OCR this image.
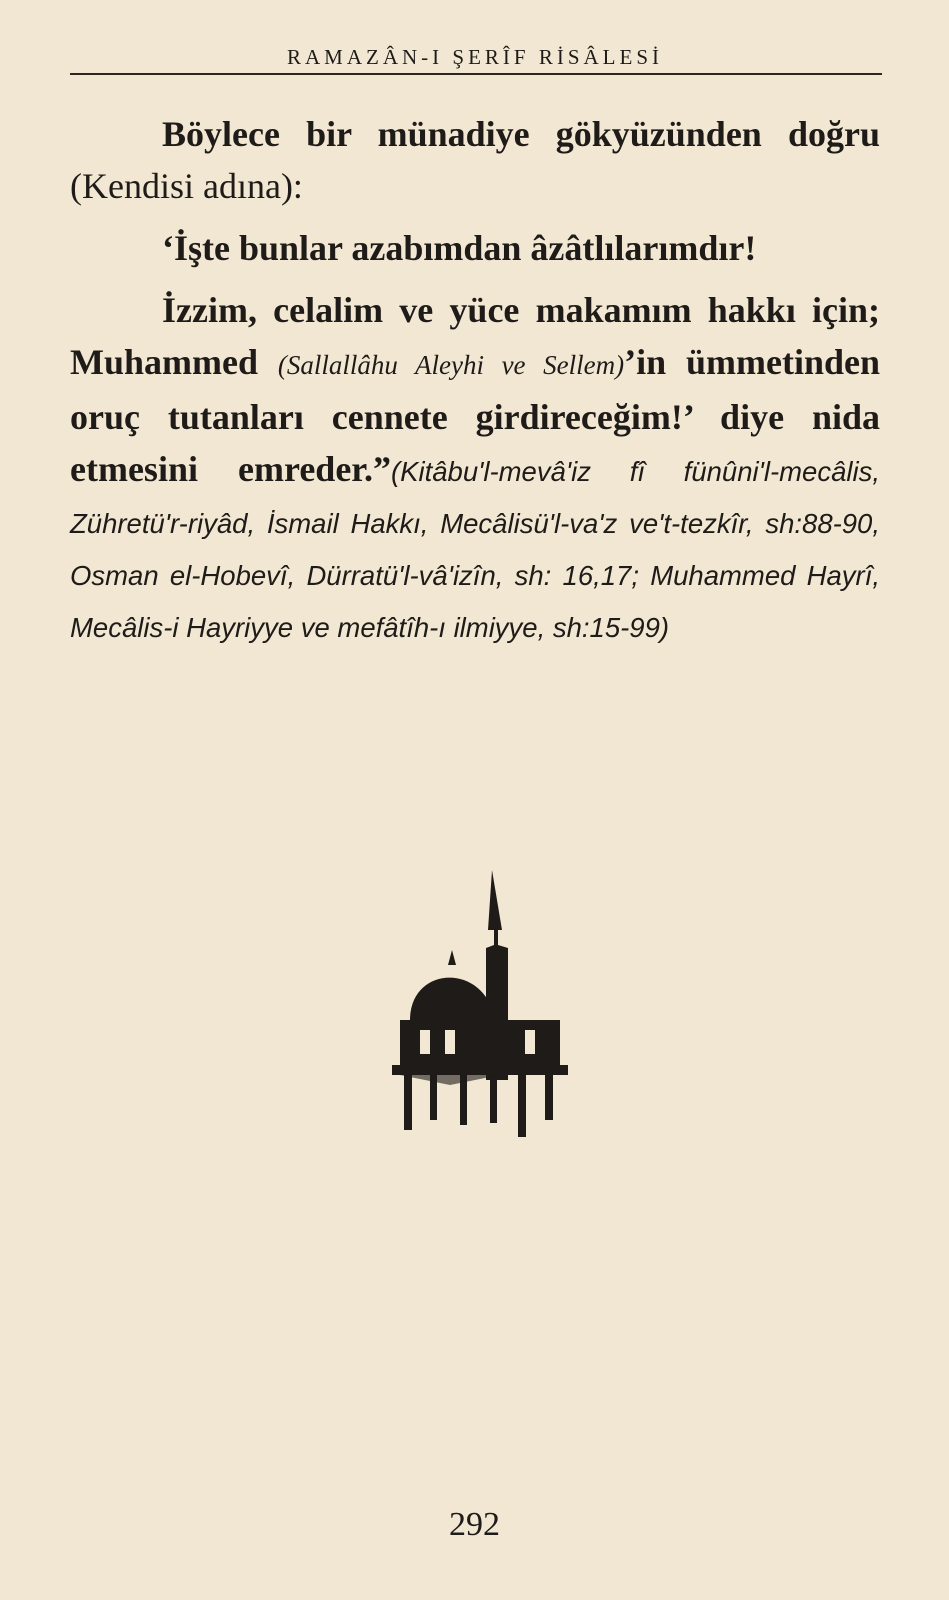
RAMAZÂN-I ŞERÎF RİSÂLESİ

Böylece bir münadiye gökyüzünden doğru (Kendisi adına):

‘İşte bunlar azabımdan âzâtlılarımdır!

İzzim, celalim ve yüce makamım hakkı için; Muhammed (Sallallâhu Aleyhi ve Sellem)’in ümmetinden oruç tutanları cennete girdireceğim!’ diye nida etmesini emreder.”(Kitâbu'l-mevâ'iz fî fünûni'l-mecâlis, Zühretü'r-riyâd, İsmail Hakkı, Mecâlisü'l-va'z ve't-tezkîr, sh:88-90, Osman el-Hobevî, Dürratü'l-vâ'izîn, sh: 16,17; Muhammed Hayrî, Mecâlis-i Hayriyye ve mefâtîh-ı ilmiyye, sh:15-99)

292
